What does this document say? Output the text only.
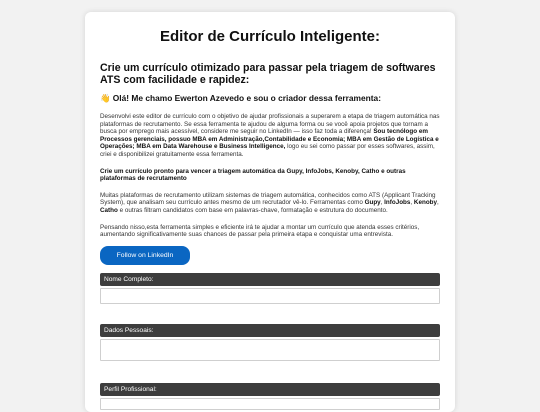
Editor de Currículo Inteligente:
Crie um currículo otimizado para passar pela triagem de softwares ATS com facilidade e rapidez:
👋 Olá! Me chamo Ewerton Azevedo e sou o criador dessa ferramenta:

Desenvolvi este editor de currículo com o objetivo de ajudar profissionais a superarem a etapa de triagem automática nas plataformas de recrutamento. Se essa ferramenta te ajudou de alguma forma ou se você apoia projetos que tornam a busca por emprego mais acessível, considere me seguir no LinkedIn — isso faz toda a diferença! Sou tecnólogo em Processos gerenciais, possuo MBA em Administração,Contabilidade e Economia; MBA em Gestão de Logística e Operações; MBA em Data Warehouse e Business Intelligence, logo eu sei como passar por esses softwares, assim, criei e disponibilizei gratuitamente essa ferramenta.

Crie um currículo pronto para vencer a triagem automática da Gupy, InfoJobs, Kenoby, Catho e outras plataformas de recrutamento

Muitas plataformas de recrutamento utilizam sistemas de triagem automática, conhecidos como ATS (Applicant Tracking System), que analisam seu currículo antes mesmo de um recrutador vê-lo. Ferramentas como Gupy, InfoJobs, Kenoby, Catho e outras filtram candidatos com base em palavras-chave, formatação e estrutura do documento.

Pensando nisso,esta ferramenta simples e eficiente irá te ajudar a montar um currículo que atenda esses critérios, aumentando significativamente suas chances de passar pela primeira etapa e conquistar uma entrevista.

Follow on LinkedIn
Nome Completo:
Dados Pessoais:
Perfil Profissional:
